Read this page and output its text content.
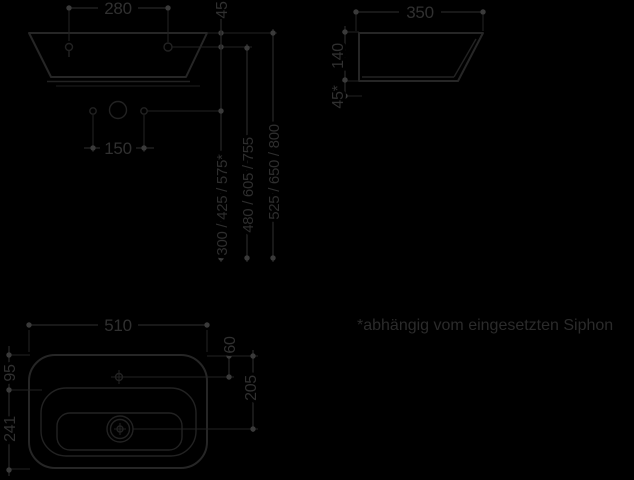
280	45
150
300 / 425 / 575* 480 / 605 / 755 525 / 650 / 800
350
140
45*
510
60
205
95
241
*abhängig vom eingesetzten Siphon
